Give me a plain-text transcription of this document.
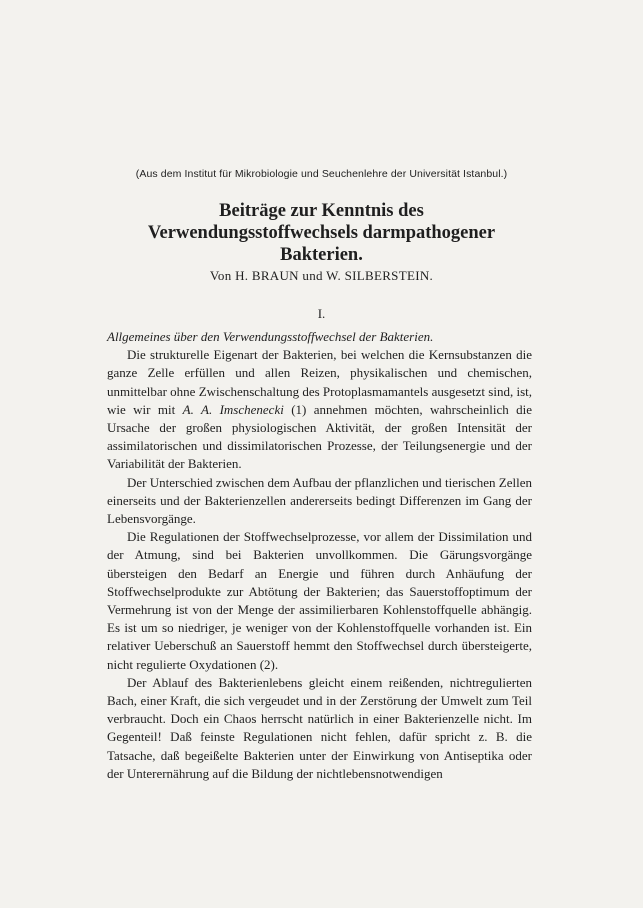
(Aus dem Institut für Mikrobiologie und Seuchenlehre der Universität Istanbul.)
Beiträge zur Kenntnis des
Verwendungsstoffwechsels darmpathogener
Bakterien.
Von H. BRAUN und W. SILBERSTEIN.
I.

Allgemeines über den Verwendungsstoffwechsel der Bakterien.

Die strukturelle Eigenart der Bakterien, bei welchen die Kernsubstanzen die ganze Zelle erfüllen und allen Reizen, physikalischen und chemischen, unmittelbar ohne Zwischenschaltung des Protoplasmamantels ausgesetzt sind, ist, wie wir mit A. A. Imschenecki (1) annehmen möchten, wahrscheinlich die Ursache der großen physiologischen Aktivität, der großen Intensität der assimilatorischen und dissimilatorischen Prozesse, der Teilungsenergie und der Variabilität der Bakterien.

Der Unterschied zwischen dem Aufbau der pflanzlichen und tierischen Zellen einerseits und der Bakterienzellen andererseits bedingt Differenzen im Gang der Lebensvorgänge.

Die Regulationen der Stoffwechselprozesse, vor allem der Dissimilation und der Atmung, sind bei Bakterien unvollkommen. Die Gärungsvorgänge übersteigen den Bedarf an Energie und führen durch Anhäufung der Stoffwechselprodukte zur Abtötung der Bakterien; das Sauerstoffoptimum der Vermehrung ist von der Menge der assimilierbaren Kohlenstoffquelle abhängig. Es ist um so niedriger, je weniger von der Kohlenstoffquelle vorhanden ist. Ein relativer Ueberschuß an Sauerstoff hemmt den Stoffwechsel durch übersteigerte, nicht regulierte Oxydationen (2).

Der Ablauf des Bakterienlebens gleicht einem reißenden, nichtregulierten Bach, einer Kraft, die sich vergeudet und in der Zerstörung der Umwelt zum Teil verbraucht. Doch ein Chaos herrscht natürlich in einer Bakterienzelle nicht. Im Gegenteil! Daß feinste Regulationen nicht fehlen, dafür spricht z. B. die Tatsache, daß begeißelte Bakterien unter der Einwirkung von Antiseptika oder der Unterernährung auf die Bildung der nichtlebensnotwendigen
